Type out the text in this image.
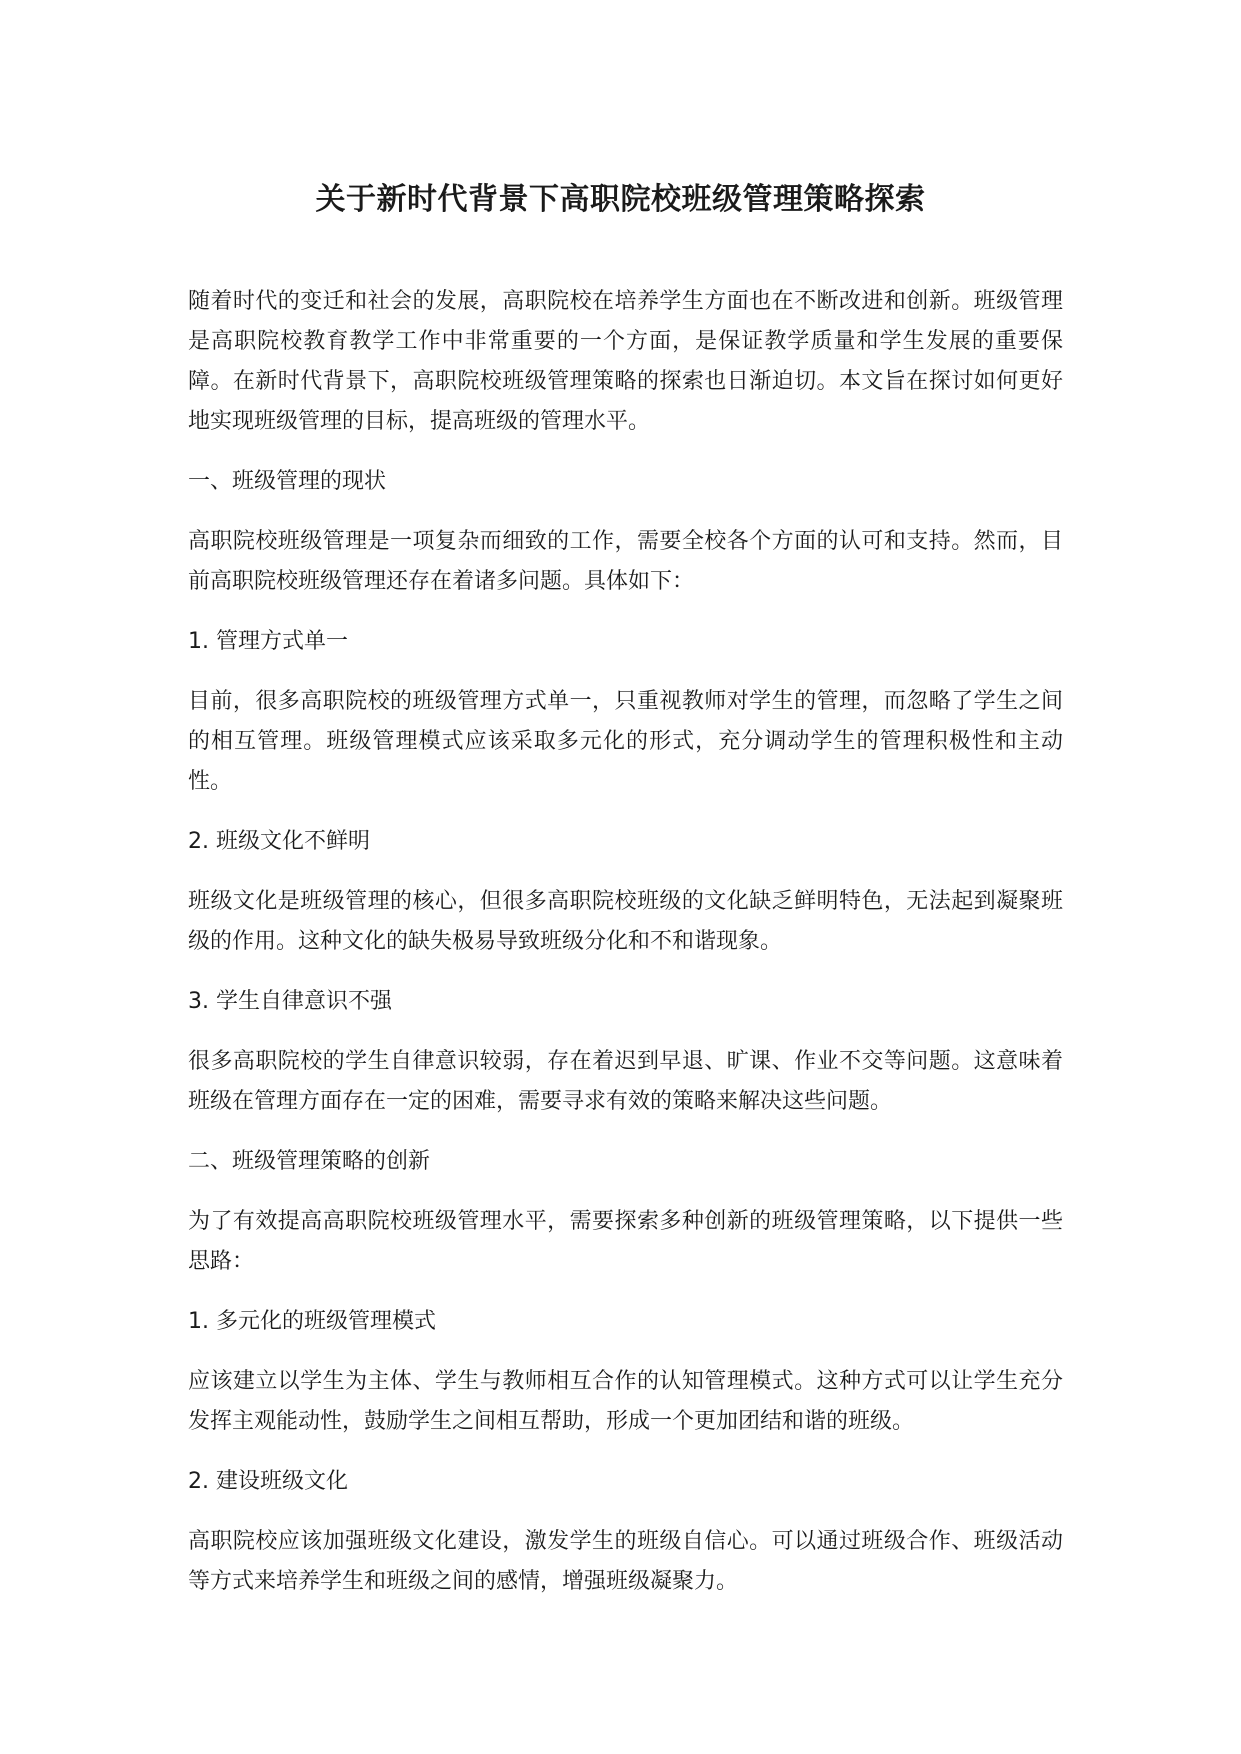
关于新时代背景下高职院校班级管理策略探索

随着时代的变迁和社会的发展，高职院校在培养学生方面也在不断改进和创新。班级管理是高职院校教育教学工作中非常重要的一个方面，是保证教学质量和学生发展的重要保障。在新时代背景下，高职院校班级管理策略的探索也日渐迫切。本文旨在探讨如何更好地实现班级管理的目标，提高班级的管理水平。

一、班级管理的现状

高职院校班级管理是一项复杂而细致的工作，需要全校各个方面的认可和支持。然而，目前高职院校班级管理还存在着诸多问题。具体如下：

1. 管理方式单一

目前，很多高职院校的班级管理方式单一，只重视教师对学生的管理，而忽略了学生之间的相互管理。班级管理模式应该采取多元化的形式，充分调动学生的管理积极性和主动性。

2. 班级文化不鲜明

班级文化是班级管理的核心，但很多高职院校班级的文化缺乏鲜明特色，无法起到凝聚班级的作用。这种文化的缺失极易导致班级分化和不和谐现象。

3. 学生自律意识不强

很多高职院校的学生自律意识较弱，存在着迟到早退、旷课、作业不交等问题。这意味着班级在管理方面存在一定的困难，需要寻求有效的策略来解决这些问题。

二、班级管理策略的创新

为了有效提高高职院校班级管理水平，需要探索多种创新的班级管理策略，以下提供一些思路：

1. 多元化的班级管理模式

应该建立以学生为主体、学生与教师相互合作的认知管理模式。这种方式可以让学生充分发挥主观能动性，鼓励学生之间相互帮助，形成一个更加团结和谐的班级。

2. 建设班级文化

高职院校应该加强班级文化建设，激发学生的班级自信心。可以通过班级合作、班级活动等方式来培养学生和班级之间的感情，增强班级凝聚力。
